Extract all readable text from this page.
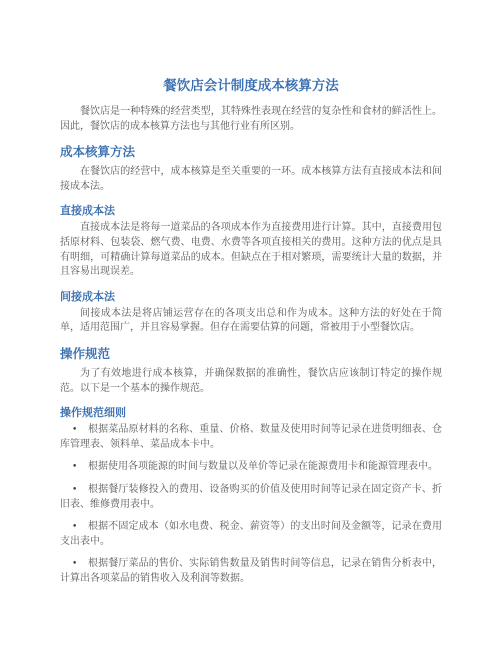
餐饮店会计制度成本核算方法

餐饮店是一种特殊的经营类型，其特殊性表现在经营的复杂性和食材的鲜活性上。因此，餐饮店的成本核算方法也与其他行业有所区别。

成本核算方法

在餐饮店的经营中，成本核算是至关重要的一环。成本核算方法有直接成本法和间接成本法。

直接成本法

直接成本法是将每一道菜品的各项成本作为直接费用进行计算。其中，直接费用包括原材料、包装袋、燃气费、电费、水费等各项直接相关的费用。这种方法的优点是具有明细，可精确计算每道菜品的成本。但缺点在于相对繁琐，需要统计大量的数据，并且容易出现误差。

间接成本法

间接成本法是将店铺运营存在的各项支出总和作为成本。这种方法的好处在于简单，适用范围广，并且容易掌握。但存在需要估算的问题，常被用于小型餐饮店。

操作规范

为了有效地进行成本核算，并确保数据的准确性，餐饮店应该制订特定的操作规范。以下是一个基本的操作规范。

操作规范细则
• 根据菜品原材料的名称、重量、价格、数量及使用时间等记录在进货明细表、仓库管理表、领料单、菜品成本卡中。
• 根据使用各项能源的时间与数量以及单价等记录在能源费用卡和能源管理表中。
• 根据餐厅装修投入的费用、设备购买的价值及使用时间等记录在固定资产卡、折旧表、维修费用表中。
• 根据不固定成本（如水电费、税金、薪资等）的支出时间及金额等，记录在费用支出表中。
• 根据餐厅菜品的售价、实际销售数量及销售时间等信息，记录在销售分析表中，计算出各项菜品的销售收入及利润等数据。
